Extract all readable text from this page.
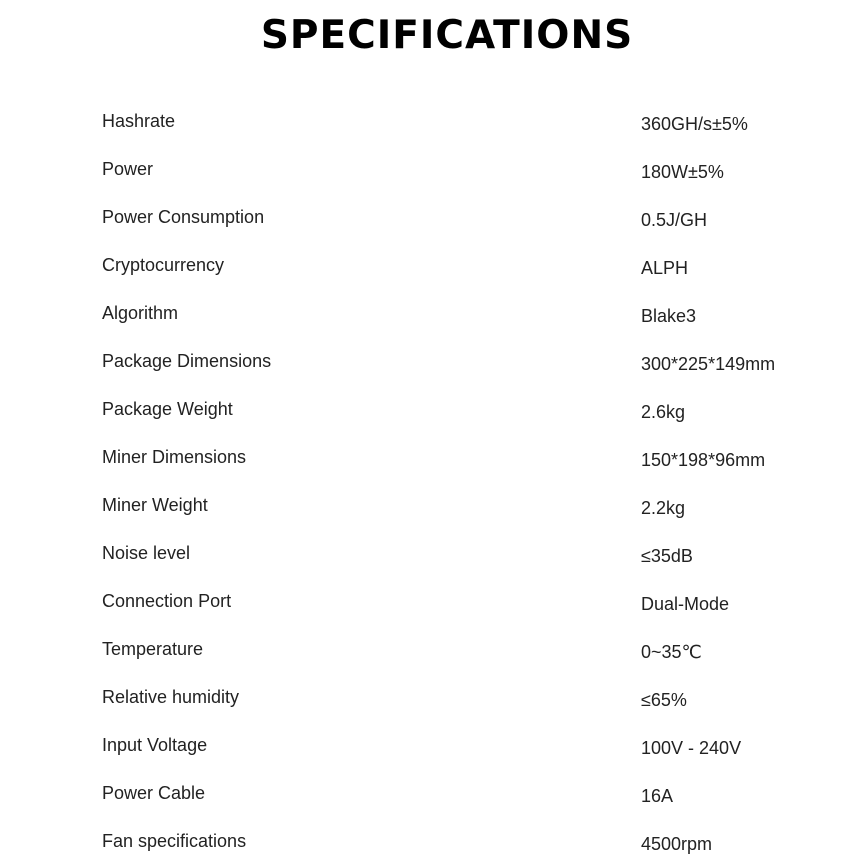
SPECIFICATIONS
Hashrate	360GH/s±5%
Power	180W±5%
Power Consumption	0.5J/GH
Cryptocurrency	ALPH
Algorithm	Blake3
Package Dimensions	300*225*149mm
Package Weight	2.6kg
Miner Dimensions	150*198*96mm
Miner Weight	2.2kg
Noise level	≤35dB
Connection Port	Dual-Mode
Temperature	0~35℃
Relative humidity	≤65%
Input Voltage	100V - 240V
Power Cable	16A
Fan specifications	4500rpm
